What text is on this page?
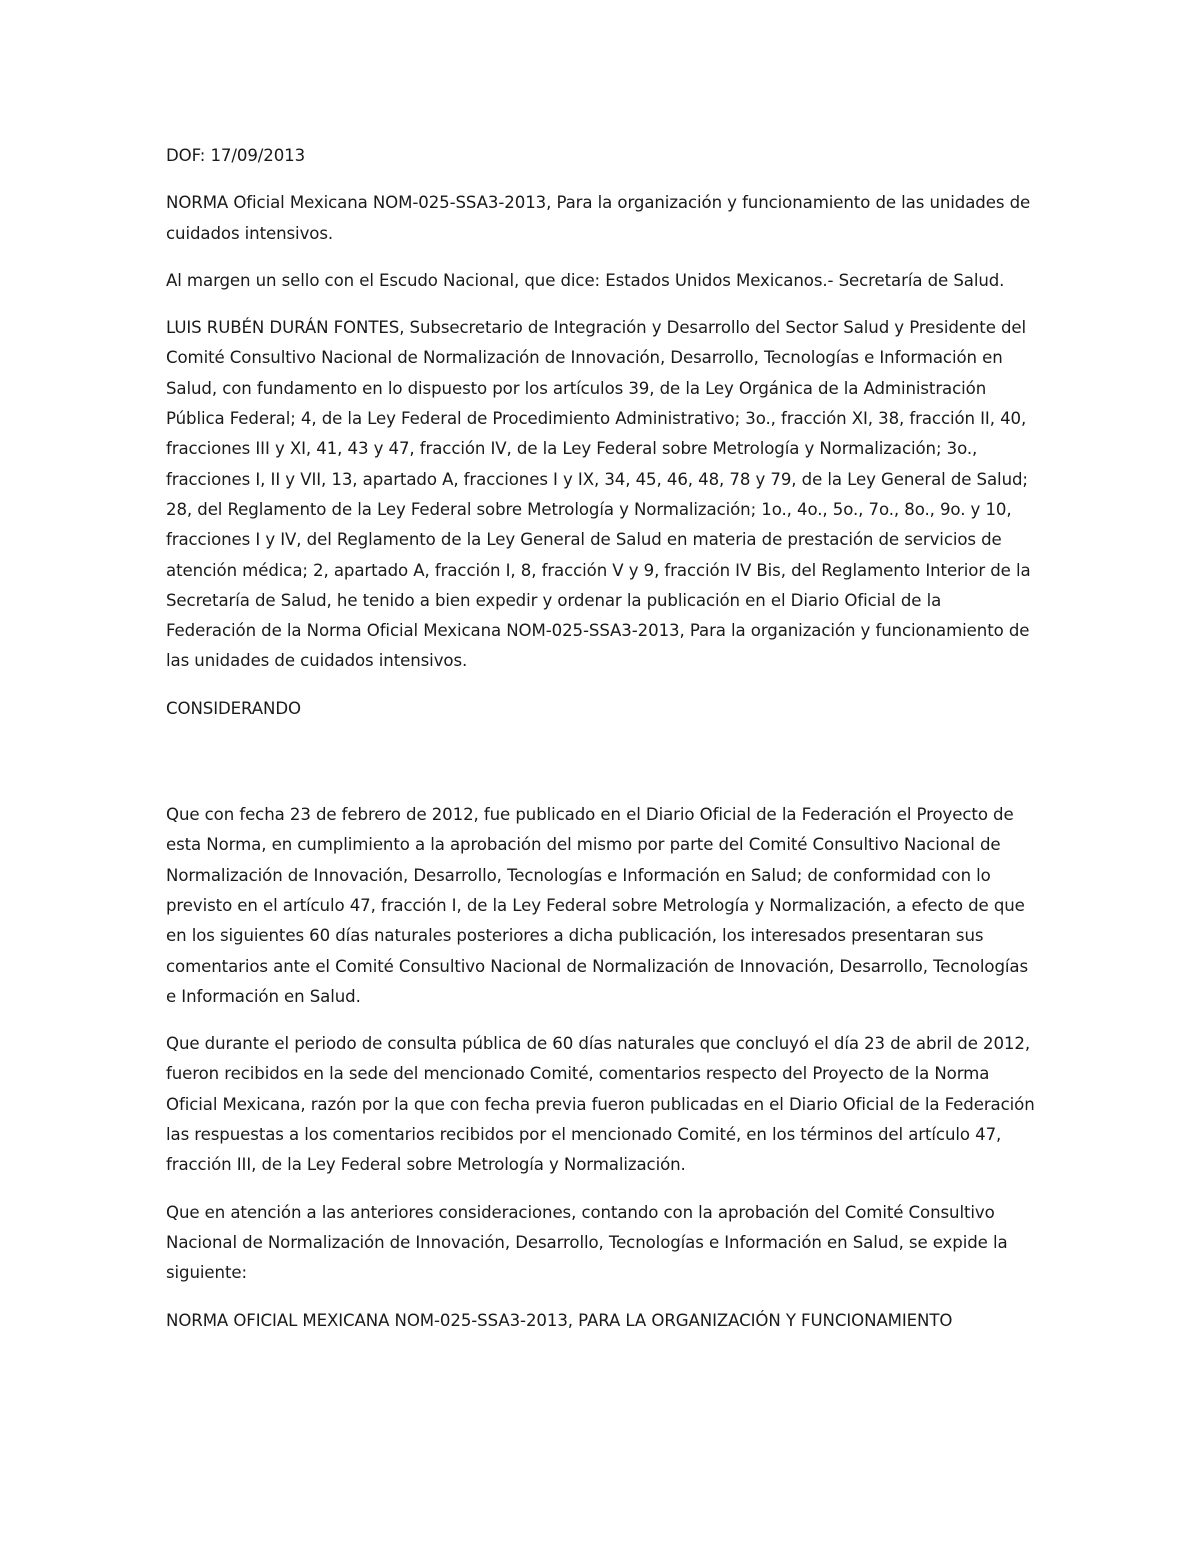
DOF: 17/09/2013

NORMA Oficial Mexicana NOM-025-SSA3-2013, Para la organización y funcionamiento de las unidades de cuidados intensivos.

Al margen un sello con el Escudo Nacional, que dice: Estados Unidos Mexicanos.- Secretaría de Salud.

LUIS RUBÉN DURÁN FONTES, Subsecretario de Integración y Desarrollo del Sector Salud y Presidente del Comité Consultivo Nacional de Normalización de Innovación, Desarrollo, Tecnologías e Información en Salud, con fundamento en lo dispuesto por los artículos 39, de la Ley Orgánica de la Administración Pública Federal; 4, de la Ley Federal de Procedimiento Administrativo; 3o., fracción XI, 38, fracción II, 40, fracciones III y XI, 41, 43 y 47, fracción IV, de la Ley Federal sobre Metrología y Normalización; 3o., fracciones I, II y VII, 13, apartado A, fracciones I y IX, 34, 45, 46, 48, 78 y 79, de la Ley General de Salud; 28, del Reglamento de la Ley Federal sobre Metrología y Normalización; 1o., 4o., 5o., 7o., 8o., 9o. y 10, fracciones I y IV, del Reglamento de la Ley General de Salud en materia de prestación de servicios de atención médica; 2, apartado A, fracción I, 8, fracción V y 9, fracción IV Bis, del Reglamento Interior de la Secretaría de Salud, he tenido a bien expedir y ordenar la publicación en el Diario Oficial de la Federación de la Norma Oficial Mexicana NOM-025-SSA3-2013, Para la organización y funcionamiento de las unidades de cuidados intensivos.

CONSIDERANDO

Que con fecha 23 de febrero de 2012, fue publicado en el Diario Oficial de la Federación el Proyecto de esta Norma, en cumplimiento a la aprobación del mismo por parte del Comité Consultivo Nacional de Normalización de Innovación, Desarrollo, Tecnologías e Información en Salud; de conformidad con lo previsto en el artículo 47, fracción I, de la Ley Federal sobre Metrología y Normalización, a efecto de que en los siguientes 60 días naturales posteriores a dicha publicación, los interesados presentaran sus comentarios ante el Comité Consultivo Nacional de Normalización de Innovación, Desarrollo, Tecnologías e Información en Salud.

Que durante el periodo de consulta pública de 60 días naturales que concluyó el día 23 de abril de 2012, fueron recibidos en la sede del mencionado Comité, comentarios respecto del Proyecto de la Norma Oficial Mexicana, razón por la que con fecha previa fueron publicadas en el Diario Oficial de la Federación las respuestas a los comentarios recibidos por el mencionado Comité, en los términos del artículo 47, fracción III, de la Ley Federal sobre Metrología y Normalización.

Que en atención a las anteriores consideraciones, contando con la aprobación del Comité Consultivo Nacional de Normalización de Innovación, Desarrollo, Tecnologías e Información en Salud, se expide la siguiente:

NORMA OFICIAL MEXICANA NOM-025-SSA3-2013, PARA LA ORGANIZACIÓN Y FUNCIONAMIENTO
